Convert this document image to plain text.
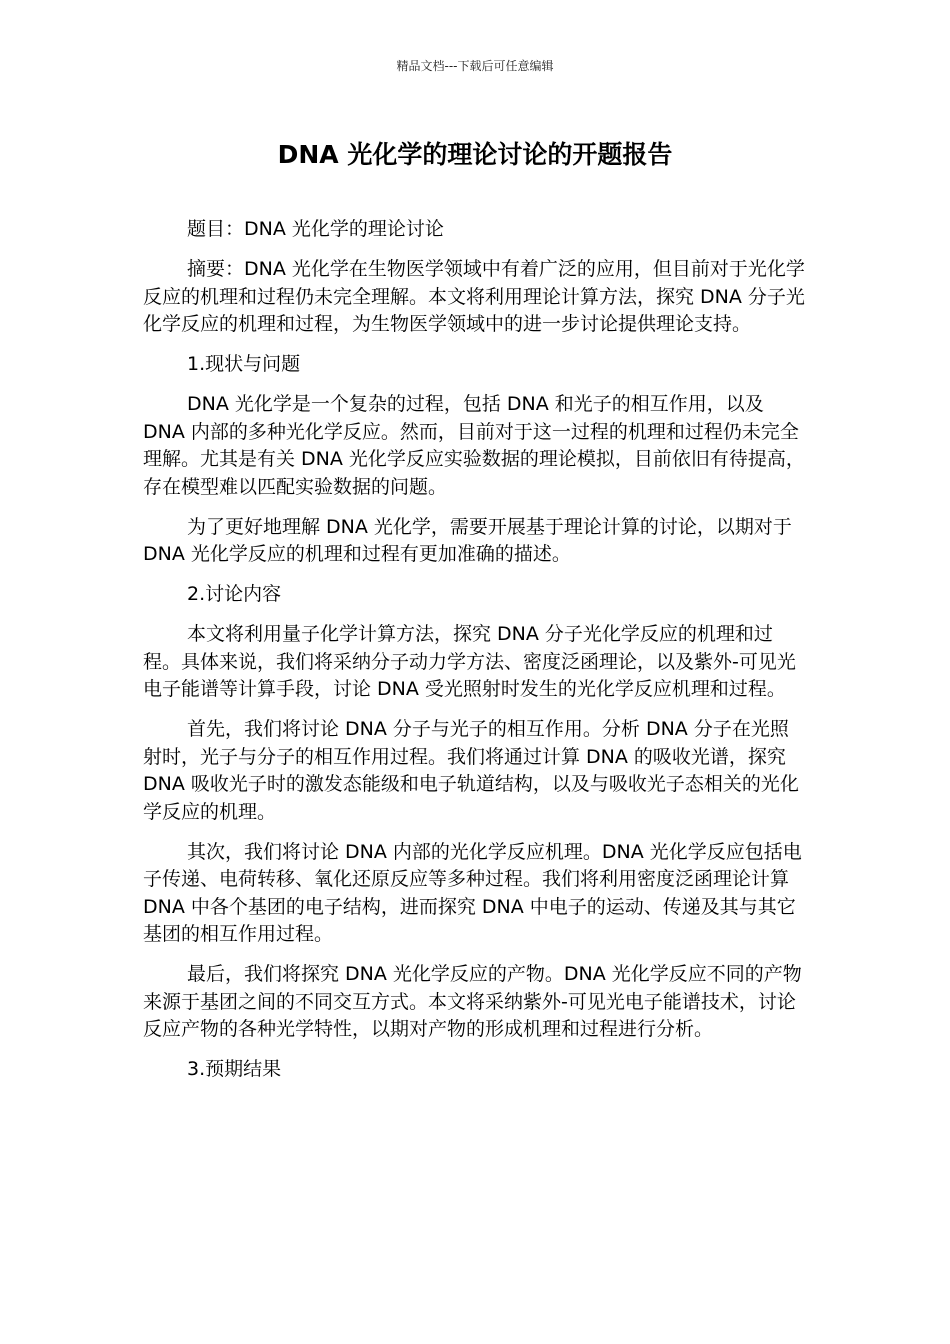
精品文档---下载后可任意编辑
DNA 光化学的理论讨论的开题报告

题目：DNA 光化学的理论讨论

摘要：DNA 光化学在生物医学领域中有着广泛的应用，但目前对于光化学反应的机理和过程仍未完全理解。本文将利用理论计算方法，探究 DNA 分子光化学反应的机理和过程，为生物医学领域中的进一步讨论提供理论支持。

1.现状与问题

DNA 光化学是一个复杂的过程，包括 DNA 和光子的相互作用，以及 DNA 内部的多种光化学反应。然而，目前对于这一过程的机理和过程仍未完全理解。尤其是有关 DNA 光化学反应实验数据的理论模拟，目前依旧有待提高，存在模型难以匹配实验数据的问题。

为了更好地理解 DNA 光化学，需要开展基于理论计算的讨论，以期对于 DNA 光化学反应的机理和过程有更加准确的描述。

2.讨论内容

本文将利用量子化学计算方法，探究 DNA 分子光化学反应的机理和过程。具体来说，我们将采纳分子动力学方法、密度泛函理论，以及紫外-可见光电子能谱等计算手段，讨论 DNA 受光照射时发生的光化学反应机理和过程。

首先，我们将讨论 DNA 分子与光子的相互作用。分析 DNA 分子在光照射时，光子与分子的相互作用过程。我们将通过计算 DNA 的吸收光谱，探究 DNA 吸收光子时的激发态能级和电子轨道结构，以及与吸收光子态相关的光化学反应的机理。

其次，我们将讨论 DNA 内部的光化学反应机理。DNA 光化学反应包括电子传递、电荷转移、氧化还原反应等多种过程。我们将利用密度泛函理论计算 DNA 中各个基团的电子结构，进而探究 DNA 中电子的运动、传递及其与其它基团的相互作用过程。

最后，我们将探究 DNA 光化学反应的产物。DNA 光化学反应不同的产物来源于基团之间的不同交互方式。本文将采纳紫外-可见光电子能谱技术，讨论反应产物的各种光学特性，以期对产物的形成机理和过程进行分析。

3.预期结果
